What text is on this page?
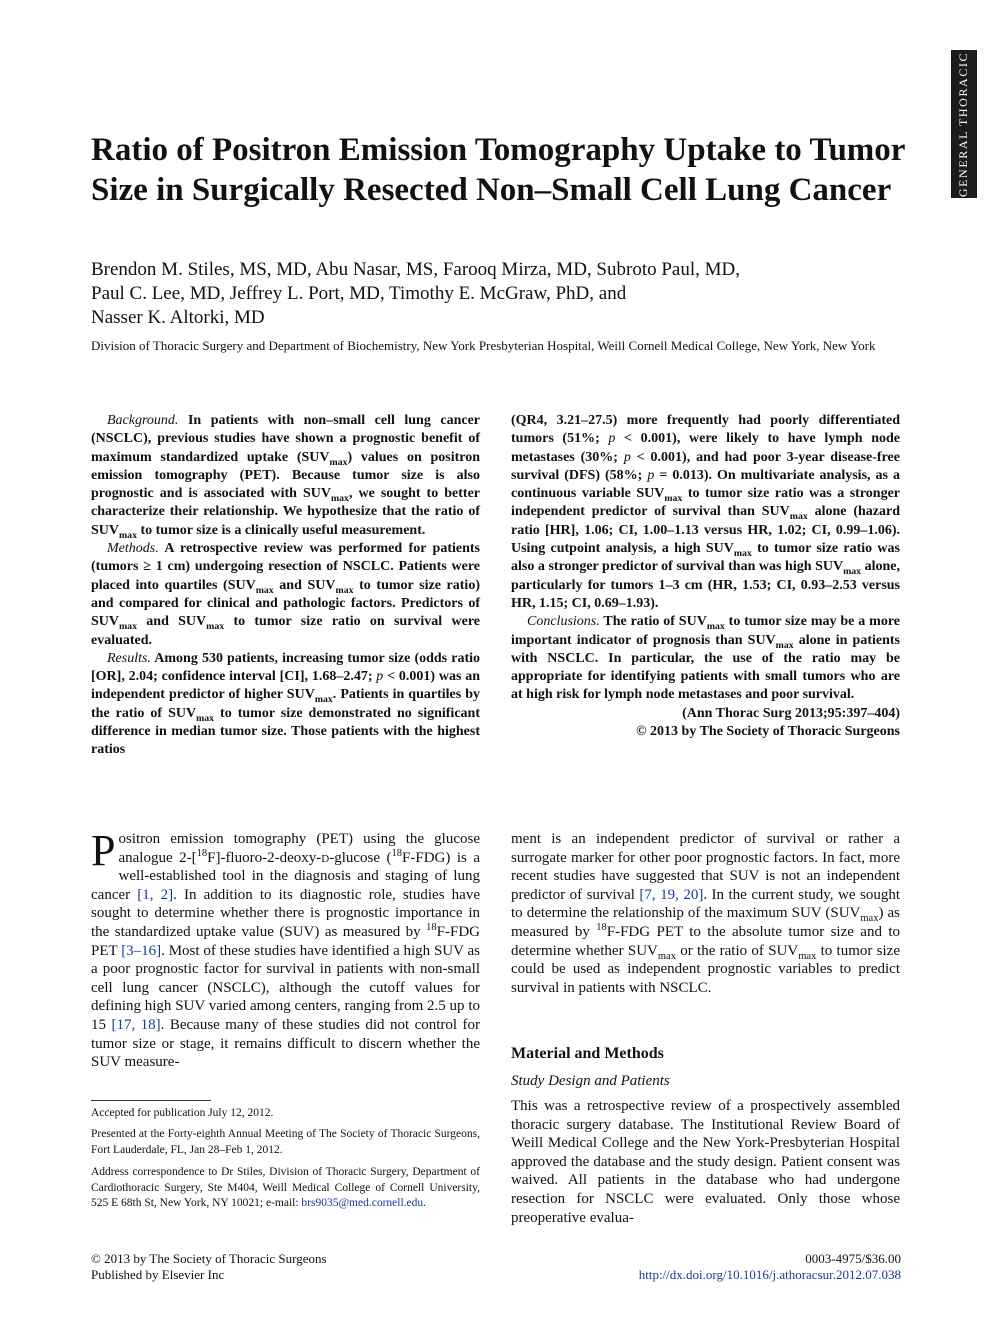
GENERAL THORACIC
Ratio of Positron Emission Tomography Uptake to Tumor Size in Surgically Resected Non–Small Cell Lung Cancer
Brendon M. Stiles, MS, MD, Abu Nasar, MS, Farooq Mirza, MD, Subroto Paul, MD,
Paul C. Lee, MD, Jeffrey L. Port, MD, Timothy E. McGraw, PhD, and
Nasser K. Altorki, MD
Division of Thoracic Surgery and Department of Biochemistry, New York Presbyterian Hospital, Weill Cornell Medical College, New York, New York

Background. In patients with non–small cell lung cancer (NSCLC), previous studies have shown a prognostic benefit of maximum standardized uptake $(SUV_{max})$ values on positron emission tomography (PET). Because tumor size is also prognostic and is associated with $SUV_{max}$, we sought to better characterize their relationship. We hypothesize that the ratio of $SUV_{max}$ to tumor size is a clinically useful measurement.

Methods. A retrospective review was performed for patients (tumors ≥ 1 cm) undergoing resection of NSCLC. Patients were placed into quartiles ($SUV_{max}$ and $SUV_{max}$ to tumor size ratio) and compared for clinical and pathologic factors. Predictors of $SUV_{max}$ and $SUV_{max}$ to tumor size ratio on survival were evaluated.

Results. Among 530 patients, increasing tumor size (odds ratio [OR], 2.04; confidence interval [CI], 1.68–2.47; p < 0.001) was an independent predictor of higher $SUV_{max}$. Patients in quartiles by the ratio of $SUV_{max}$ to tumor size demonstrated no significant difference in median tumor size. Those patients with the highest ratios

(QR4, 3.21–27.5) more frequently had poorly differentiated tumors (51%; p < 0.001), were likely to have lymph node metastases (30%; p < 0.001), and had poor 3-year disease-free survival (DFS) (58%; p = 0.013). On multivariate analysis, as a continuous variable $SUV_{max}$ to tumor size ratio was a stronger independent predictor of survival than $SUV_{max}$ alone (hazard ratio [HR], 1.06; CI, 1.00–1.13 versus HR, 1.02; CI, 0.99–1.06). Using cutpoint analysis, a high $SUV_{max}$ to tumor size ratio was also a stronger predictor of survival than was high $SUV_{max}$ alone, particularly for tumors 1–3 cm (HR, 1.53; CI, 0.93–2.53 versus HR, 1.15; CI, 0.69–1.93).

Conclusions. The ratio of $SUV_{max}$ to tumor size may be a more important indicator of prognosis than $SUV_{max}$ alone in patients with NSCLC. In particular, the use of the ratio may be appropriate for identifying patients with small tumors who are at high risk for lymph node metastases and poor survival.

(Ann Thorac Surg 2013;95:397–404)

© 2013 by The Society of Thoracic Surgeons

Positron emission tomography (PET) using the glucose analogue 2-[$^{18}$F]-fluoro-2-deoxy-d-glucose ($^{18}$F-FDG) is a well-established tool in the diagnosis and staging of lung cancer [1, 2]. In addition to its diagnostic role, studies have sought to determine whether there is prognostic importance in the standardized uptake value (SUV) as measured by $^{18}$F-FDG PET [3–16]. Most of these studies have identified a high SUV as a poor prognostic factor for survival in patients with non-small cell lung cancer (NSCLC), although the cutoff values for defining high SUV varied among centers, ranging from 2.5 up to 15 [17, 18]. Because many of these studies did not control for tumor size or stage, it remains difficult to discern whether the SUV measure-

ment is an independent predictor of survival or rather a surrogate marker for other poor prognostic factors. In fact, more recent studies have suggested that SUV is not an independent predictor of survival [7, 19, 20]. In the current study, we sought to determine the relationship of the maximum SUV $(SUV_{max})$ as measured by $^{18}$F-FDG PET to the absolute tumor size and to determine whether $SUV_{max}$ or the ratio of $SUV_{max}$ to tumor size could be used as independent prognostic variables to predict survival in patients with NSCLC.

Material and Methods
Study Design and Patients

This was a retrospective review of a prospectively assembled thoracic surgery database. The Institutional Review Board of Weill Medical College and the New York-Presbyterian Hospital approved the database and the study design. Patient consent was waived. All patients in the database who had undergone resection for NSCLC were evaluated. Only those whose preoperative evalua-

Accepted for publication July 12, 2012.
Presented at the Forty-eighth Annual Meeting of The Society of Thoracic Surgeons, Fort Lauderdale, FL, Jan 28–Feb 1, 2012.
Address correspondence to Dr Stiles, Division of Thoracic Surgery, Department of Cardiothoracic Surgery, Ste M404, Weill Medical College of Cornell University, 525 E 68th St, New York, NY 10021; e-mail: brs9035@med.cornell.edu.
© 2013 by The Society of Thoracic Surgeons
Published by Elsevier Inc
0003-4975/$36.00
http://dx.doi.org/10.1016/j.athoracsur.2012.07.038
